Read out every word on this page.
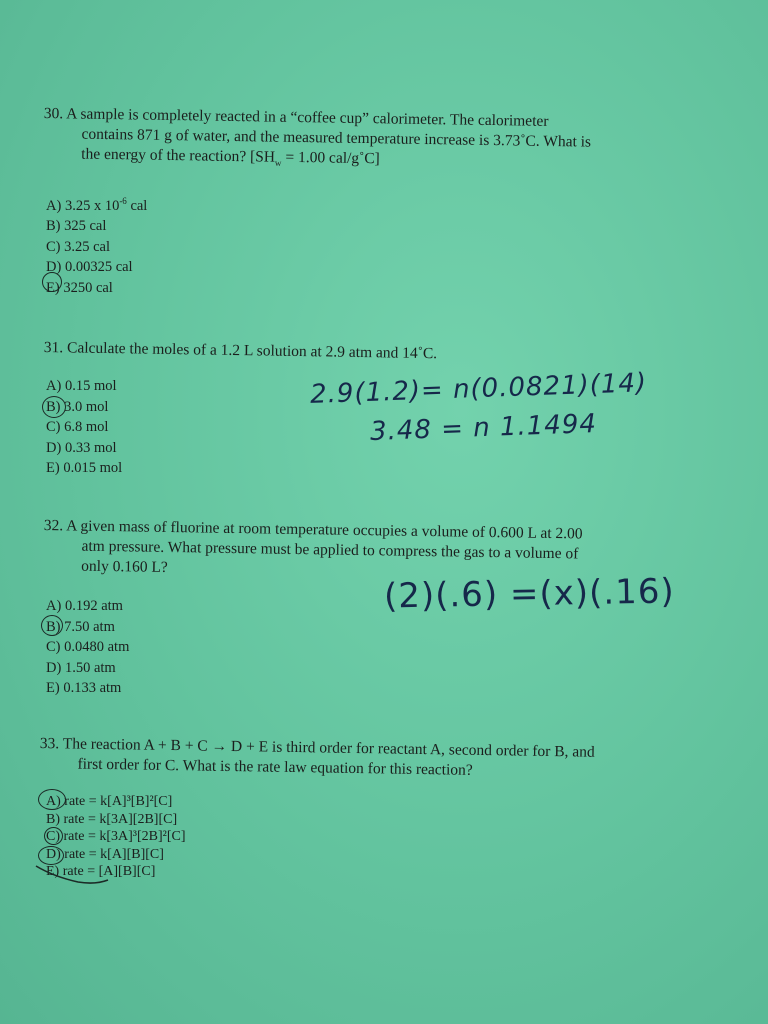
30. A sample is completely reacted in a “coffee cup” calorimeter. The calorimeter

contains 871 g of water, and the measured temperature increase is 3.73˚C. What is

the energy of the reaction? [$SH_w = 1.00$ cal/g˚C]

A) 3.25 x $10^{-6}$ cal
B) 325 cal
C) 3.25 cal
D) 0.00325 cal
E) 3250 cal

31. Calculate the moles of a 1.2 L solution at 2.9 atm and 14˚C.

A) 0.15 mol
B) 3.0 mol
C) 6.8 mol
D) 0.33 mol
E) 0.015 mol
2.9(1.2)= n(0.0821)(14)
3.48 = n 1.1494

32. A given mass of fluorine at room temperature occupies a volume of 0.600 L at 2.00

atm pressure. What pressure must be applied to compress the gas to a volume of

only 0.160 L?

A) 0.192 atm
B) 7.50 atm
C) 0.0480 atm
D) 1.50 atm
E) 0.133 atm
(2)(.6) =(x)(.16)

33. The reaction A + B + C → D + E is third order for reactant A, second order for B, and

first order for C. What is the rate law equation for this reaction?

A) rate = k[A]³[B]²[C]
B) rate = k[3A][2B][C]
C) rate = k[3A]³[2B]²[C]
D) rate = k[A][B][C]
E) rate = [A][B][C]
